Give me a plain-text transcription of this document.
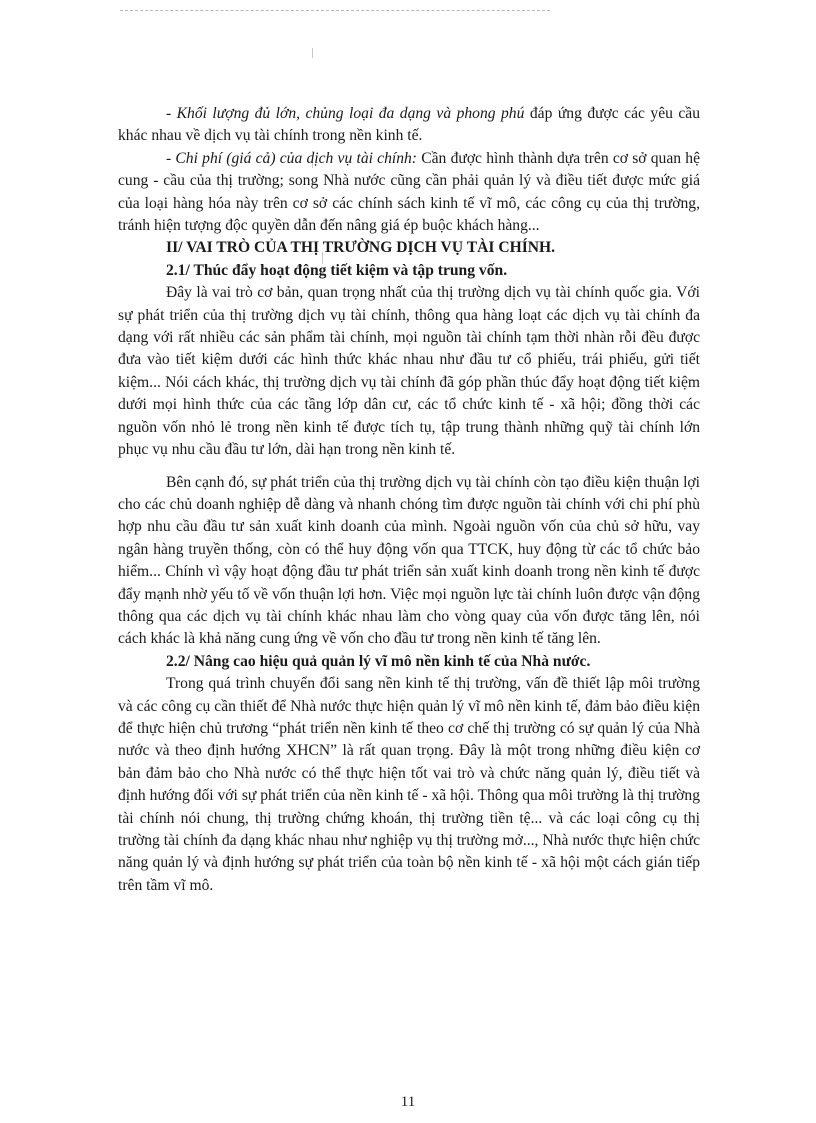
- Khối lượng đủ lớn, chủng loại đa dạng và phong phú đáp ứng được các yêu cầu khác nhau về dịch vụ tài chính trong nền kinh tế.

- Chi phí (giá cả) của dịch vụ tài chính: Cần được hình thành dựa trên cơ sở quan hệ cung - cầu của thị trường; song Nhà nước cũng cần phải quản lý và điều tiết được mức giá của loại hàng hóa này trên cơ sở các chính sách kinh tế vĩ mô, các công cụ của thị trường, tránh hiện tượng độc quyền dẫn đến nâng giá ép buộc khách hàng...

II/ VAI TRÒ CỦA THỊ TRƯỜNG DỊCH VỤ TÀI CHÍNH.

2.1/ Thúc đẩy hoạt động tiết kiệm và tập trung vốn.

Đây là vai trò cơ bản, quan trọng nhất của thị trường dịch vụ tài chính quốc gia. Với sự phát triển của thị trường dịch vụ tài chính, thông qua hàng loạt các dịch vụ tài chính đa dạng với rất nhiều các sản phẩm tài chính, mọi nguồn tài chính tạm thời nhàn rỗi đều được đưa vào tiết kiệm dưới các hình thức khác nhau như đầu tư cổ phiếu, trái phiếu, gửi tiết kiệm... Nói cách khác, thị trường dịch vụ tài chính đã góp phần thúc đẩy hoạt động tiết kiệm dưới mọi hình thức của các tầng lớp dân cư, các tổ chức kinh tế - xã hội; đồng thời các nguồn vốn nhỏ lẻ trong nền kinh tế được tích tụ, tập trung thành những quỹ tài chính lớn phục vụ nhu cầu đầu tư lớn, dài hạn trong nền kinh tế.

Bên cạnh đó, sự phát triển của thị trường dịch vụ tài chính còn tạo điều kiện thuận lợi cho các chủ doanh nghiệp dễ dàng và nhanh chóng tìm được nguồn tài chính với chi phí phù hợp nhu cầu đầu tư sản xuất kinh doanh của mình. Ngoài nguồn vốn của chủ sở hữu, vay ngân hàng truyền thống, còn có thể huy động vốn qua TTCK, huy động từ các tổ chức bảo hiểm... Chính vì vậy hoạt động đầu tư phát triển sản xuất kinh doanh trong nền kinh tế được đẩy mạnh nhờ yếu tố về vốn thuận lợi hơn. Việc mọi nguồn lực tài chính luôn được vận động thông qua các dịch vụ tài chính khác nhau làm cho vòng quay của vốn được tăng lên, nói cách khác là khả năng cung ứng về vốn cho đầu tư trong nền kinh tế tăng lên.

2.2/ Nâng cao hiệu quả quản lý vĩ mô nền kinh tế của Nhà nước.

Trong quá trình chuyển đổi sang nền kinh tế thị trường, vấn đề thiết lập môi trường và các công cụ cần thiết để Nhà nước thực hiện quản lý vĩ mô nền kinh tế, đảm bảo điều kiện để thực hiện chủ trương “phát triển nền kinh tế theo cơ chế thị trường có sự quản lý của Nhà nước và theo định hướng XHCN” là rất quan trọng. Đây là một trong những điều kiện cơ bản đảm bảo cho Nhà nước có thể thực hiện tốt vai trò và chức năng quản lý, điều tiết và định hướng đối với sự phát triển của nền kinh tế - xã hội. Thông qua môi trường là thị trường tài chính nói chung, thị trường chứng khoán, thị trường tiền tệ... và các loại công cụ thị trường tài chính đa dạng khác nhau như nghiệp vụ thị trường mở..., Nhà nước thực hiện chức năng quản lý và định hướng sự phát triển của toàn bộ nền kinh tế - xã hội một cách gián tiếp trên tầm vĩ mô.

11
